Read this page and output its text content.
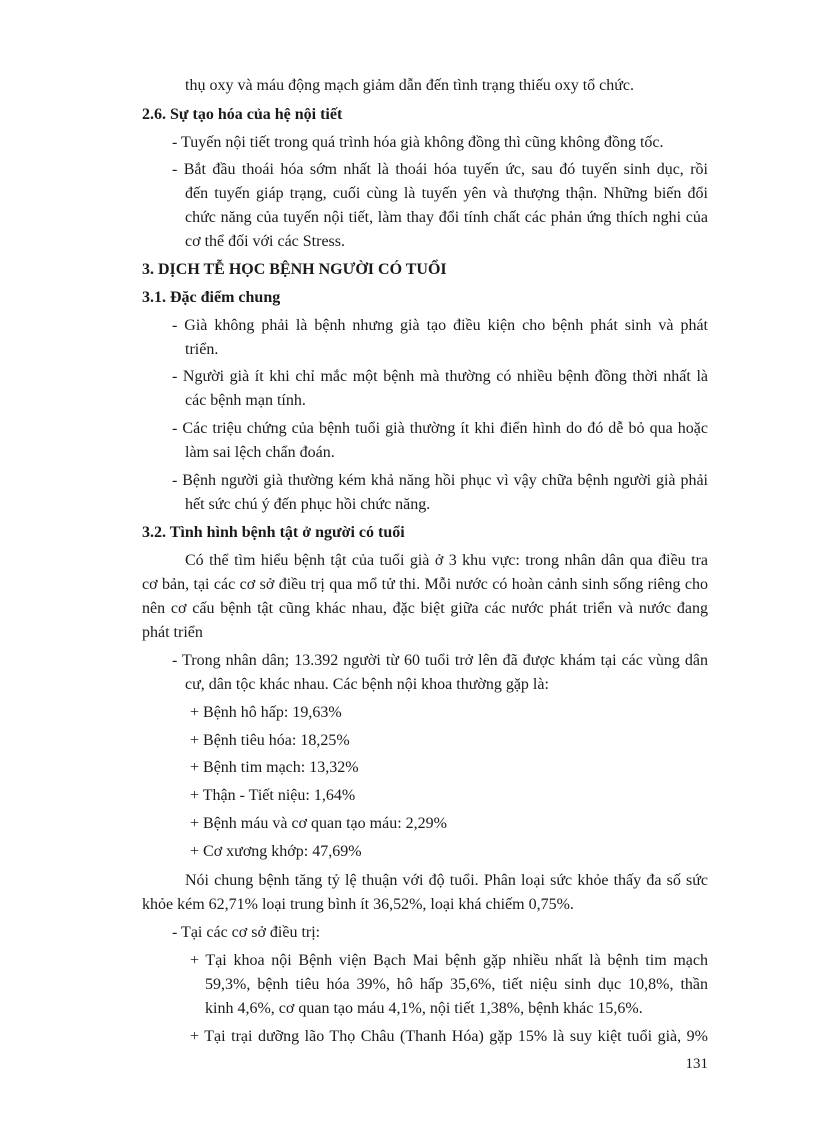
thụ oxy và máu động mạch giảm dẫn đến tình trạng thiếu oxy tổ chức.
2.6. Sự tạo hóa của hệ nội tiết
- Tuyến nội tiết trong quá trình hóa già không đồng thì cũng không đồng tốc.
- Bắt đầu thoái hóa sớm nhất là thoái hóa tuyến ức, sau đó tuyến sinh dục, rồi
đến tuyến giáp trạng, cuối cùng là tuyến yên và thượng thận. Những biến đổi
chức năng của tuyến nội tiết, làm thay đổi tính chất các phản ứng thích nghi của
cơ thể đối với các Stress.
3. DỊCH TỄ HỌC BỆNH NGƯỜI CÓ TUỔI
3.1. Đặc điểm chung
- Già không phải là bệnh nhưng già tạo điều kiện cho bệnh phát sinh và phát
triển.
- Người già ít khi chỉ mắc một bệnh mà thường có nhiều bệnh đồng thời nhất là
các bệnh mạn tính.
- Các triệu chứng của bệnh tuổi già thường ít khi điển hình do đó dễ bỏ qua hoặc
làm sai lệch chẩn đoán.
- Bệnh người già thường kém khả năng hồi phục vì vậy chữa bệnh người già phải
hết sức chú ý đến phục hồi chức năng.
3.2. Tình hình bệnh tật ở người có tuổi
Có thể tìm hiểu bệnh tật của tuổi già ở 3 khu vực: trong nhân dân qua điều tra
cơ bản, tại các cơ sở điều trị qua mổ tử thi. Mỗi nước có hoàn cảnh sinh sống riêng cho
nên cơ cấu bệnh tật cũng khác nhau, đặc biệt giữa các nước phát triển và nước đang
phát triển
- Trong nhân dân; 13.392 người từ 60 tuổi trở lên đã được khám tại các vùng dân
cư, dân tộc khác nhau. Các bệnh nội khoa thường gặp là:
+ Bệnh hô hấp: 19,63%
+ Bệnh tiêu hóa: 18,25%
+ Bệnh tim mạch: 13,32%
+ Thận - Tiết niệu: 1,64%
+ Bệnh máu và cơ quan tạo máu: 2,29%
+ Cơ xương khớp: 47,69%
Nói chung bệnh tăng tỷ lệ thuận với độ tuổi. Phân loại sức khỏe thấy đa số sức
khỏe kém 62,71% loại trung bình ít 36,52%, loại khá chiếm 0,75%.
- Tại các cơ sở điều trị:
+ Tại khoa nội Bệnh viện Bạch Mai bệnh gặp nhiều nhất là bệnh tim mạch
59,3%, bệnh tiêu hóa 39%, hô hấp 35,6%, tiết niệu sinh dục 10,8%, thần
kinh 4,6%, cơ quan tạo máu 4,1%, nội tiết 1,38%, bệnh khác 15,6%.
+ Tại trại dưỡng lão Thọ Châu (Thanh Hóa) gặp 15% là suy kiệt tuổi già, 9%
131
